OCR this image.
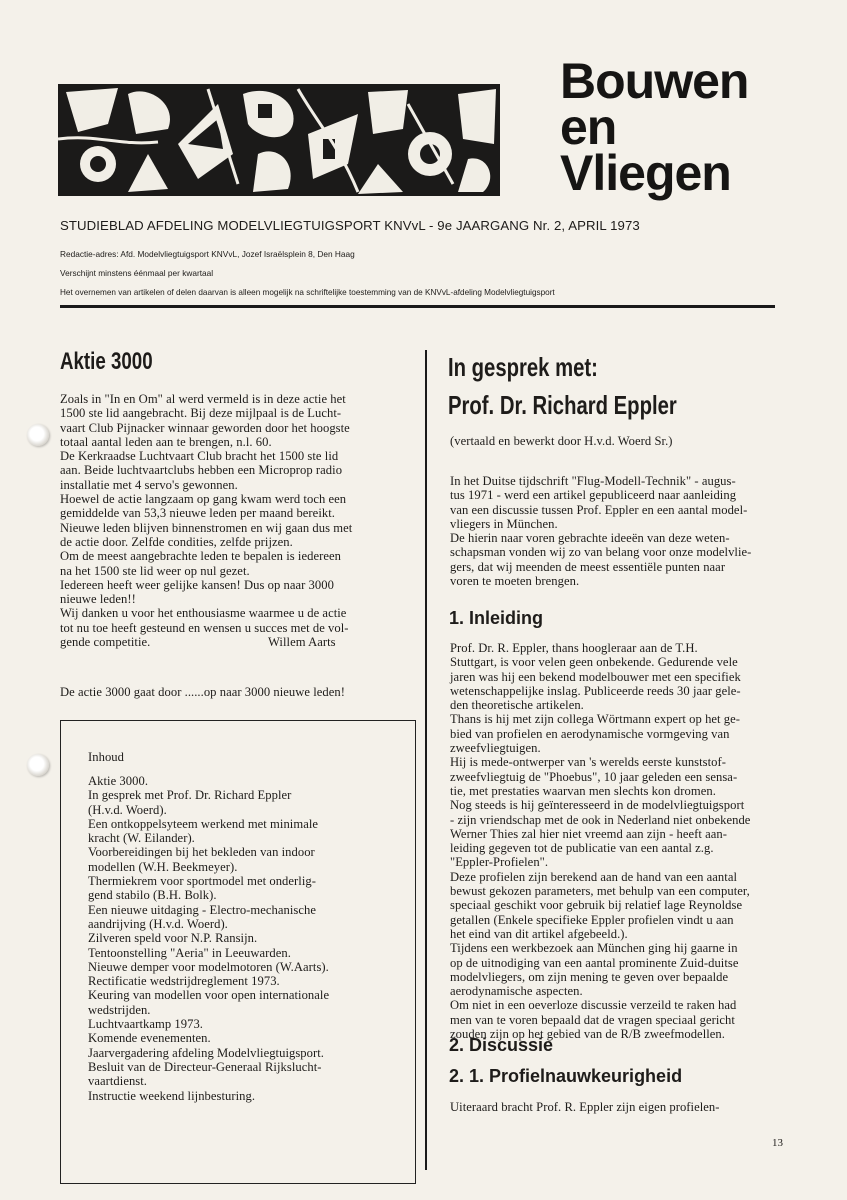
Bouwen
en
Vliegen
STUDIEBLAD AFDELING MODELVLIEGTUIGSPORT KNVvL - 9e JAARGANG Nr. 2, APRIL 1973
Redactie-adres: Afd. Modelvliegtuigsport KNVvL, Jozef Israëlsplein 8, Den Haag
Verschijnt minstens éénmaal per kwartaal
Het overnemen van artikelen of delen daarvan is alleen mogelijk na schriftelijke toestemming van de KNVvL-afdeling Modelvliegtuigsport
Aktie 3000
Zoals in "In en Om" al werd vermeld is in deze actie het
1500 ste lid aangebracht. Bij deze mijlpaal is de Lucht-
vaart Club Pijnacker winnaar geworden door het hoogste
totaal aantal leden aan te brengen, n.l. 60.
De Kerkraadse Luchtvaart Club bracht het 1500 ste lid
aan. Beide luchtvaartclubs hebben een Microprop radio
installatie met 4 servo's gewonnen.
Hoewel de actie langzaam op gang kwam werd toch een
gemiddelde van 53,3 nieuwe leden per maand bereikt.
Nieuwe leden blijven binnenstromen en wij gaan dus met
de actie door. Zelfde condities, zelfde prijzen.
Om de meest aangebrachte leden te bepalen is iedereen
na het 1500 ste lid weer op nul gezet.
Iedereen heeft weer gelijke kansen! Dus op naar 3000
nieuwe leden!!
Wij danken u voor het enthousiasme waarmee u de actie
tot nu toe heeft gesteund en wensen u succes met de vol-
gende competitie.	Willem Aarts
De actie 3000 gaat door ......op naar 3000 nieuwe leden!
Inhoud
Aktie 3000.
In gesprek met Prof. Dr. Richard Eppler
(H.v.d. Woerd).
Een ontkoppelsyteem werkend met minimale
kracht (W. Eilander).
Voorbereidingen bij het bekleden van indoor
modellen (W.H. Beekmeyer).
Thermiekrem voor sportmodel met onderlig-
gend stabilo (B.H. Bolk).
Een nieuwe uitdaging - Electro-mechanische
aandrijving (H.v.d. Woerd).
Zilveren speld voor N.P. Ransijn.
Tentoonstelling "Aeria" in Leeuwarden.
Nieuwe demper voor modelmotoren (W.Aarts).
Rectificatie wedstrijdreglement 1973.
Keuring van modellen voor open internationale
wedstrijden.
Luchtvaartkamp 1973.
Komende evenementen.
Jaarvergadering afdeling Modelvliegtuigsport.
Besluit van de Directeur-Generaal Rijkslucht-
vaartdienst.
Instructie weekend lijnbesturing.
In gesprek met:
Prof. Dr. Richard Eppler
(vertaald en bewerkt door H.v.d. Woerd Sr.)
In het Duitse tijdschrift "Flug-Modell-Technik" - augus-
tus 1971 - werd een artikel gepubliceerd naar aanleiding
van een discussie tussen Prof. Eppler en een aantal model-
vliegers in München.
De hierin naar voren gebrachte ideeën van deze weten-
schapsman vonden wij zo van belang voor onze modelvlie-
gers, dat wij meenden de meest essentiële punten naar
voren te moeten brengen.
1. Inleiding
Prof. Dr. R. Eppler, thans hoogleraar aan de T.H.
Stuttgart, is voor velen geen onbekende. Gedurende vele
jaren was hij een bekend modelbouwer met een specifiek
wetenschappelijke inslag. Publiceerde reeds 30 jaar gele-
den theoretische artikelen.
Thans is hij met zijn collega Wörtmann expert op het ge-
bied van profielen en aerodynamische vormgeving van
zweefvliegtuigen.
Hij is mede-ontwerper van 's werelds eerste kunststof-
zweefvliegtuig de "Phoebus", 10 jaar geleden een sensa-
tie, met prestaties waarvan men slechts kon dromen.
Nog steeds is hij geïnteresseerd in de modelvliegtuigsport
- zijn vriendschap met de ook in Nederland niet onbekende
Werner Thies zal hier niet vreemd aan zijn - heeft aan-
leiding gegeven tot de publicatie van een aantal z.g.
"Eppler-Profielen".
Deze profielen zijn berekend aan de hand van een aantal
bewust gekozen parameters, met behulp van een computer,
speciaal geschikt voor gebruik bij relatief lage Reynoldse
getallen (Enkele specifieke Eppler profielen vindt u aan
het eind van dit artikel afgebeeld.).
Tijdens een werkbezoek aan München ging hij gaarne in
op de uitnodiging van een aantal prominente Zuid-duitse
modelvliegers, om zijn mening te geven over bepaalde
aerodynamische aspecten.
Om niet in een oeverloze discussie verzeild te raken had
men van te voren bepaald dat de vragen speciaal gericht
zouden zijn op het gebied van de R/B zweefmodellen.
2. Discussie
2. 1. Profielnauwkeurigheid
Uiteraard bracht Prof. R. Eppler zijn eigen profielen-
13
